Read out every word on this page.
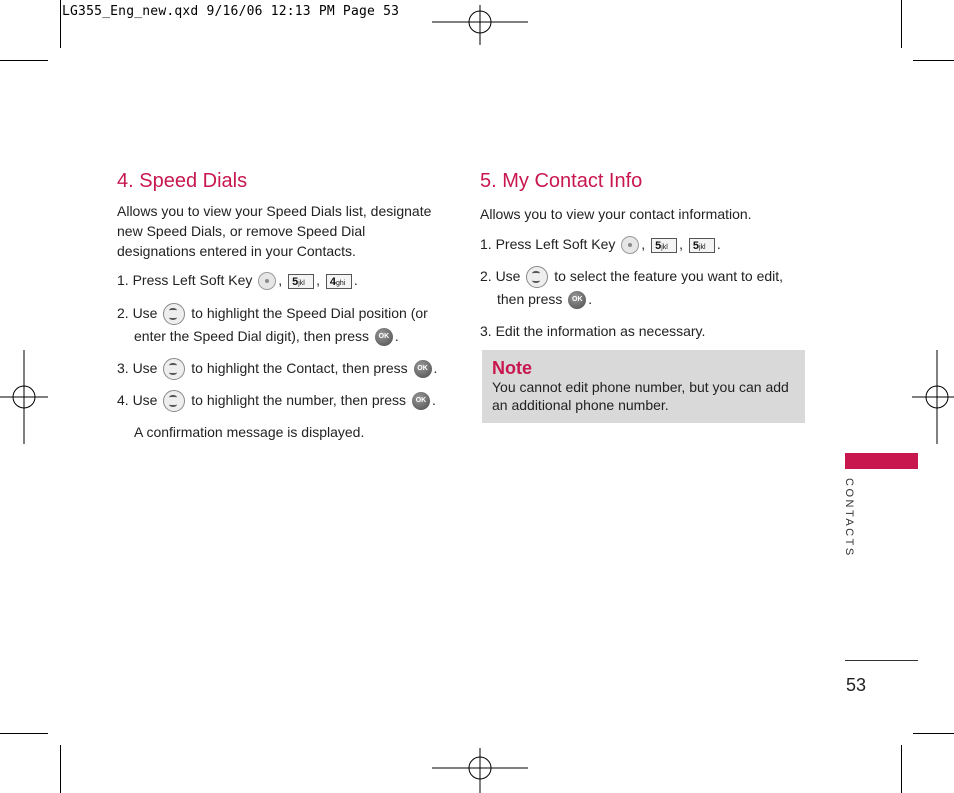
LG355_Eng_new.qxd 9/16/06 12:13 PM Page 53
4. Speed Dials
Allows you to view your Speed Dials list, designate new Speed Dials, or remove Speed Dial designations entered in your Contacts.
1. Press Left Soft Key , 5jkl , 4ghi .
2. Use to highlight the Speed Dial position (or
enter the Speed Dial digit), then press OK .
3. Use to highlight the Contact, then press OK .
4. Use to highlight the number, then press OK .
A confirmation message is displayed.
5. My Contact Info
Allows you to view your contact information.
1. Press Left Soft Key , 5jkl , 5jkl .
2. Use to select the feature you want to edit,
then press OK .
3. Edit the information as necessary.
Note
You cannot edit phone number, but you can add an additional phone number.
CONTACTS
53
